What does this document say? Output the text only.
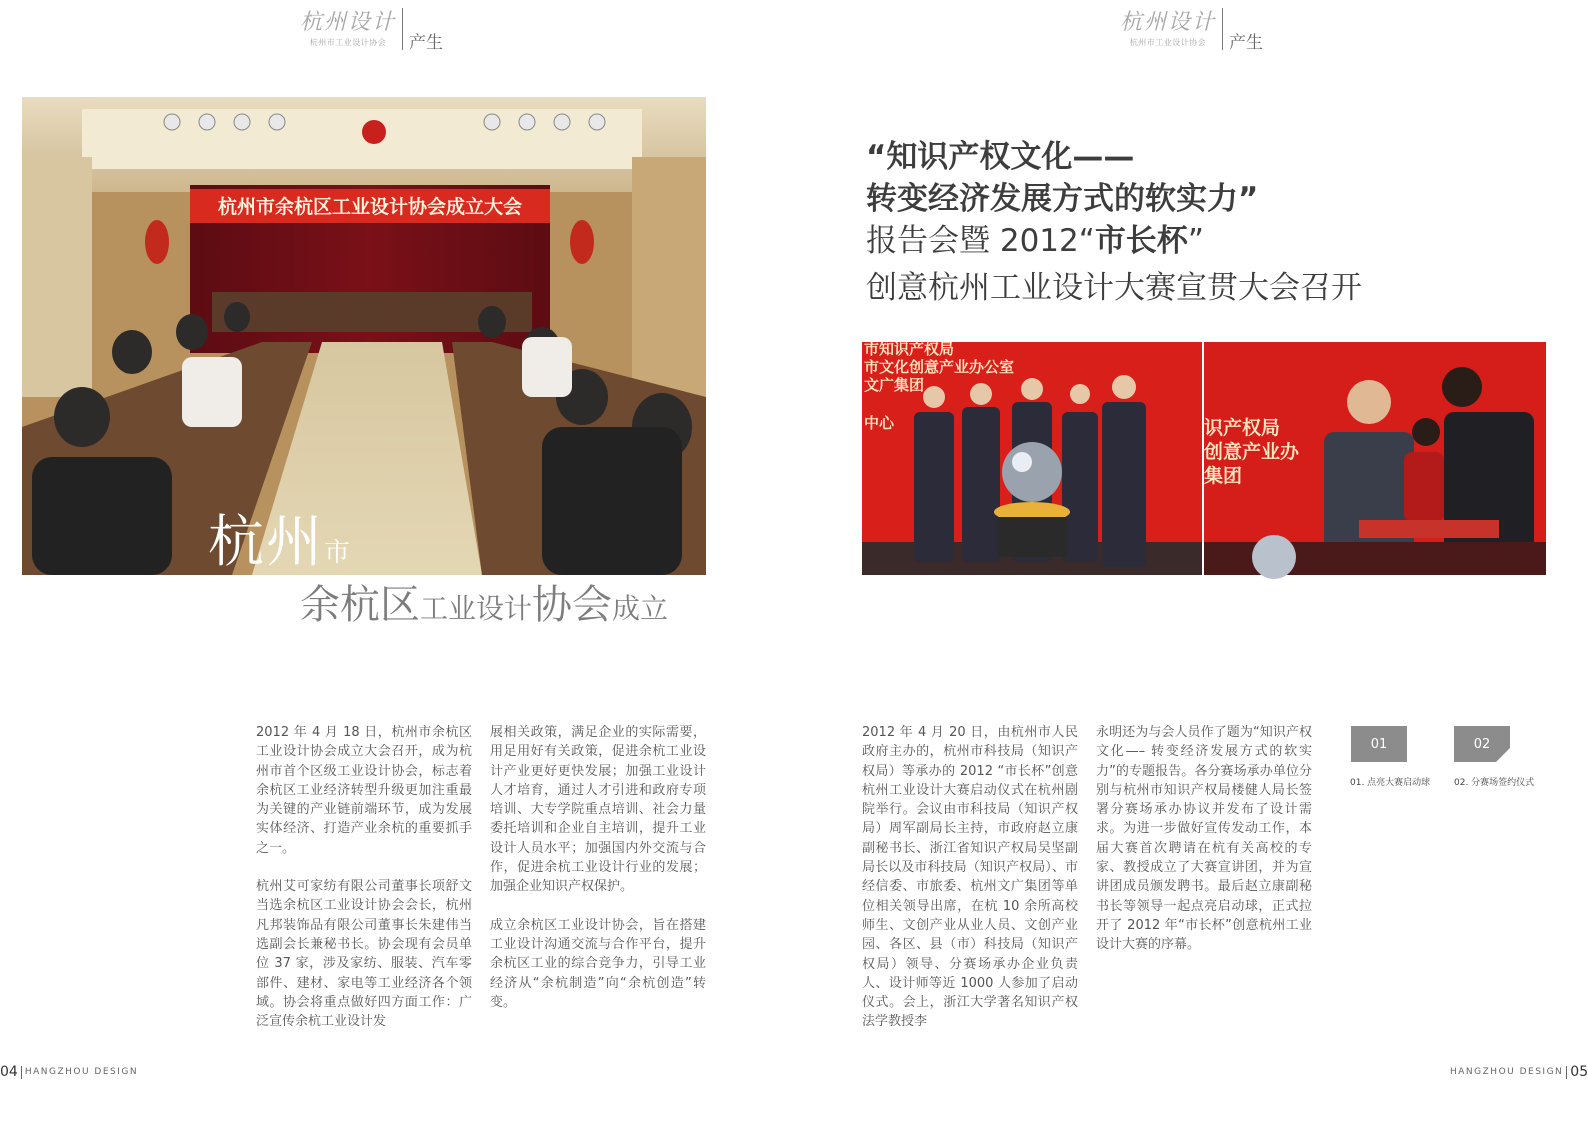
杭州设计
杭州市工业设计协会 产生
杭州市余杭区工业设计协会成立大会
杭州市
余杭区工业设计协会成立

2012 年 4 月 18 日，杭州市余杭区工业设计协会成立大会召开，成为杭州市首个区级工业设计协会，标志着余杭区工业经济转型升级更加注重最为关键的产业链前端环节，成为发展实体经济、打造产业余杭的重要抓手之一。

杭州艾可家纺有限公司董事长项舒文当选余杭区工业设计协会会长，杭州凡邦装饰品有限公司董事长朱建伟当选副会长兼秘书长。协会现有会员单位 37 家，涉及家纺、服装、汽车零部件、建材、家电等工业经济各个领域。协会将重点做好四方面工作：广泛宣传余杭工业设计发

展相关政策，满足企业的实际需要，用足用好有关政策，促进余杭工业设计产业更好更快发展；加强工业设计人才培育，通过人才引进和政府专项培训、大专学院重点培训、社会力量委托培训和企业自主培训，提升工业设计人员水平；加强国内外交流与合作，促进余杭工业设计行业的发展；加强企业知识产权保护。

成立余杭区工业设计协会，旨在搭建工业设计沟通交流与合作平台，提升余杭区工业的综合竞争力，引导工业经济从“余杭制造”向“余杭创造”转变。

04 HANGZHOU DESIGN
杭州设计
杭州市工业设计协会 产生
“知识产权文化——
转变经济发展方式的软实力”
报告会暨 2012“市长杯”
创意杭州工业设计大赛宣贯大会召开
市知识产权局
市文化创意产业办公室
文广集团
中心	识产权局
创意产业办
集团

2012 年 4 月 20 日，由杭州市人民政府主办的，杭州市科技局（知识产权局）等承办的 2012 “市长杯”创意杭州工业设计大赛启动仪式在杭州剧院举行。会议由市科技局（知识产权局）周军副局长主持，市政府赵立康副秘书长、浙江省知识产权局吴坚副局长以及市科技局（知识产权局）、市经信委、市旅委、杭州文广集团等单位相关领导出席，在杭 10 余所高校师生、文创产业从业人员、文创产业园、各区、县（市）科技局（知识产权局）领导、分赛场承办企业负责人、设计师等近 1000 人参加了启动仪式。会上，浙江大学著名知识产权法学教授李

永明还为与会人员作了题为“知识产权文化—– 转变经济发展方式的软实力”的专题报告。各分赛场承办单位分别与杭州市知识产权局楼健人局长签署分赛场承办协议并发布了设计需求。为进一步做好宣传发动工作，本届大赛首次聘请在杭有关高校的专家、教授成立了大赛宣讲团，并为宣讲团成员颁发聘书。最后赵立康副秘书长等领导一起点亮启动球，正式拉开了 2012 年“市长杯”创意杭州工业设计大赛的序幕。

01
01. 点亮大赛启动球
02
02. 分赛场签约仪式
HANGZHOU DESIGN 05
